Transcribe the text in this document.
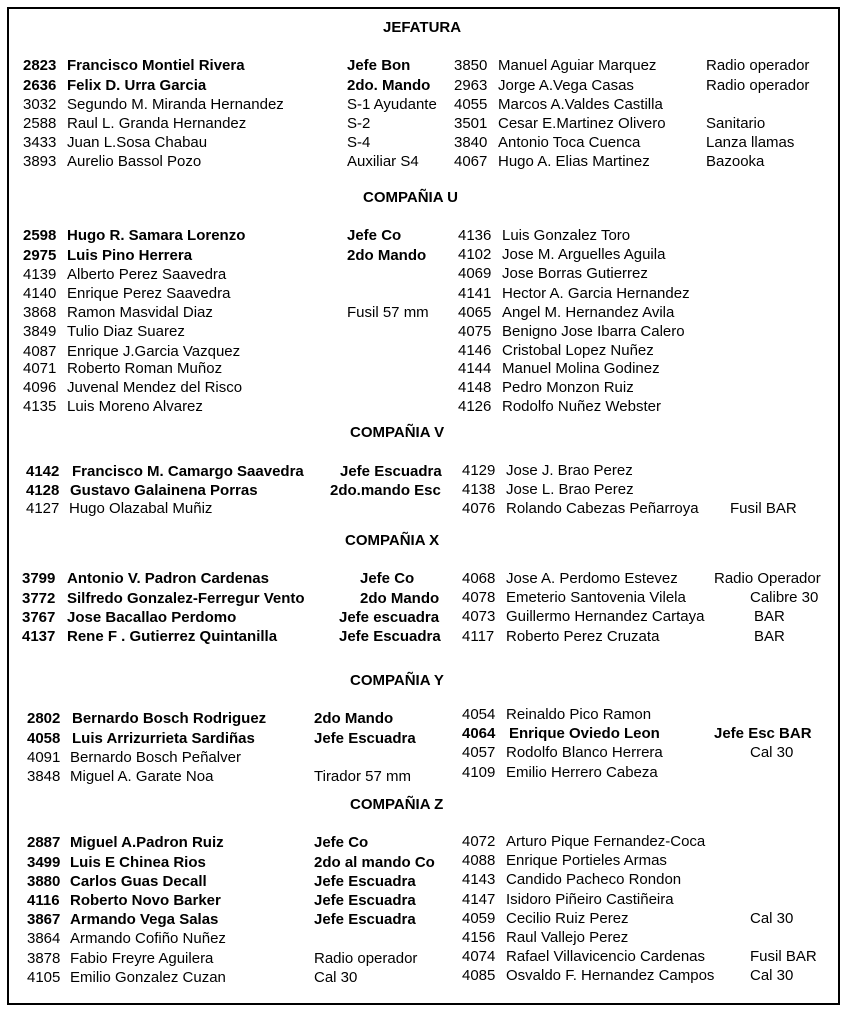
JEFATURA
2823 Francisco Montiel Rivera	Jefe Bon
2636 Felix D. Urra Garcia	2do. Mando
3032 Segundo M. Miranda Hernandez	S-1 Ayudante
2588 Raul L. Granda Hernandez	S-2
3433 Juan L.Sosa Chabau	S-4
3893 Aurelio Bassol Pozo	Auxiliar S4
3850 Manuel Aguiar Marquez	Radio operador
2963 Jorge A.Vega Casas	Radio operador
4055 Marcos A.Valdes Castilla
3501 Cesar E.Martinez Olivero	Sanitario
3840 Antonio Toca Cuenca	Lanza llamas
4067 Hugo A. Elias Martinez	Bazooka
COMPAÑIA U
2598 Hugo R. Samara Lorenzo	Jefe Co
2975 Luis Pino Herrera	2do Mando
4139 Alberto Perez Saavedra
4140 Enrique Perez Saavedra
3868 Ramon Masvidal Diaz	Fusil 57 mm
3849 Tulio Diaz Suarez
4087 Enrique J.Garcia Vazquez
4071 Roberto Roman Muñoz
4096 Juvenal Mendez del Risco
4135 Luis Moreno Alvarez
4136 Luis Gonzalez Toro
4102 Jose M. Arguelles Aguila
4069 Jose Borras Gutierrez
4141 Hector A. Garcia Hernandez
4065 Angel M. Hernandez Avila
4075 Benigno Jose Ibarra Calero
4146 Cristobal Lopez Nuñez
4144 Manuel Molina Godinez
4148 Pedro Monzon Ruiz
4126 Rodolfo Nuñez Webster
COMPAÑIA V
4142 Francisco M. Camargo Saavedra Jefe Escuadra
4128 Gustavo Galainena Porras	2do.mando Esc
4127 Hugo Olazabal Muñiz
4129 Jose J. Brao Perez
4138 Jose L. Brao Perez
4076 Rolando Cabezas Peñarroya Fusil BAR
COMPAÑIA X
3799 Antonio V. Padron Cardenas	Jefe Co
3772 Silfredo Gonzalez-Ferregur Vento	2do Mando
3767 Jose Bacallao Perdomo	Jefe escuadra
4137 Rene F . Gutierrez Quintanilla	Jefe Escuadra
4068 Jose A. Perdomo Estevez Radio Operador
4078 Emeterio Santovenia Vilela	Calibre 30
4073 Guillermo Hernandez Cartaya	BAR
4117 Roberto Perez Cruzata	BAR
COMPAÑIA Y
2802 Bernardo Bosch Rodriguez	2do Mando
4058 Luis Arrizurrieta Sardiñas	Jefe Escuadra
4091 Bernardo Bosch Peñalver
3848 Miguel A. Garate Noa	Tirador 57 mm
4054 Reinaldo Pico Ramon
4064 Enrique Oviedo Leon	Jefe Esc BAR
4057 Rodolfo Blanco Herrera	Cal 30
4109 Emilio Herrero Cabeza
COMPAÑIA Z
2887 Miguel A.Padron Ruiz	Jefe Co
3499 Luis E Chinea Rios	2do al mando Co
3880 Carlos Guas Decall	Jefe Escuadra
4116 Roberto Novo Barker	Jefe Escuadra
3867 Armando Vega Salas	Jefe Escuadra
3864 Armando Cofiño Nuñez
3878 Fabio Freyre Aguilera	Radio operador
4105 Emilio Gonzalez Cuzan	Cal 30
4072 Arturo Pique Fernandez-Coca
4088 Enrique Portieles Armas
4143 Candido Pacheco Rondon
4147 Isidoro Piñeiro Castiñeira
4059 Cecilio Ruiz Perez	Cal 30
4156 Raul Vallejo Perez
4074 Rafael Villavicencio Cardenas	Fusil BAR
4085 Osvaldo F. Hernandez Campos Cal 30
